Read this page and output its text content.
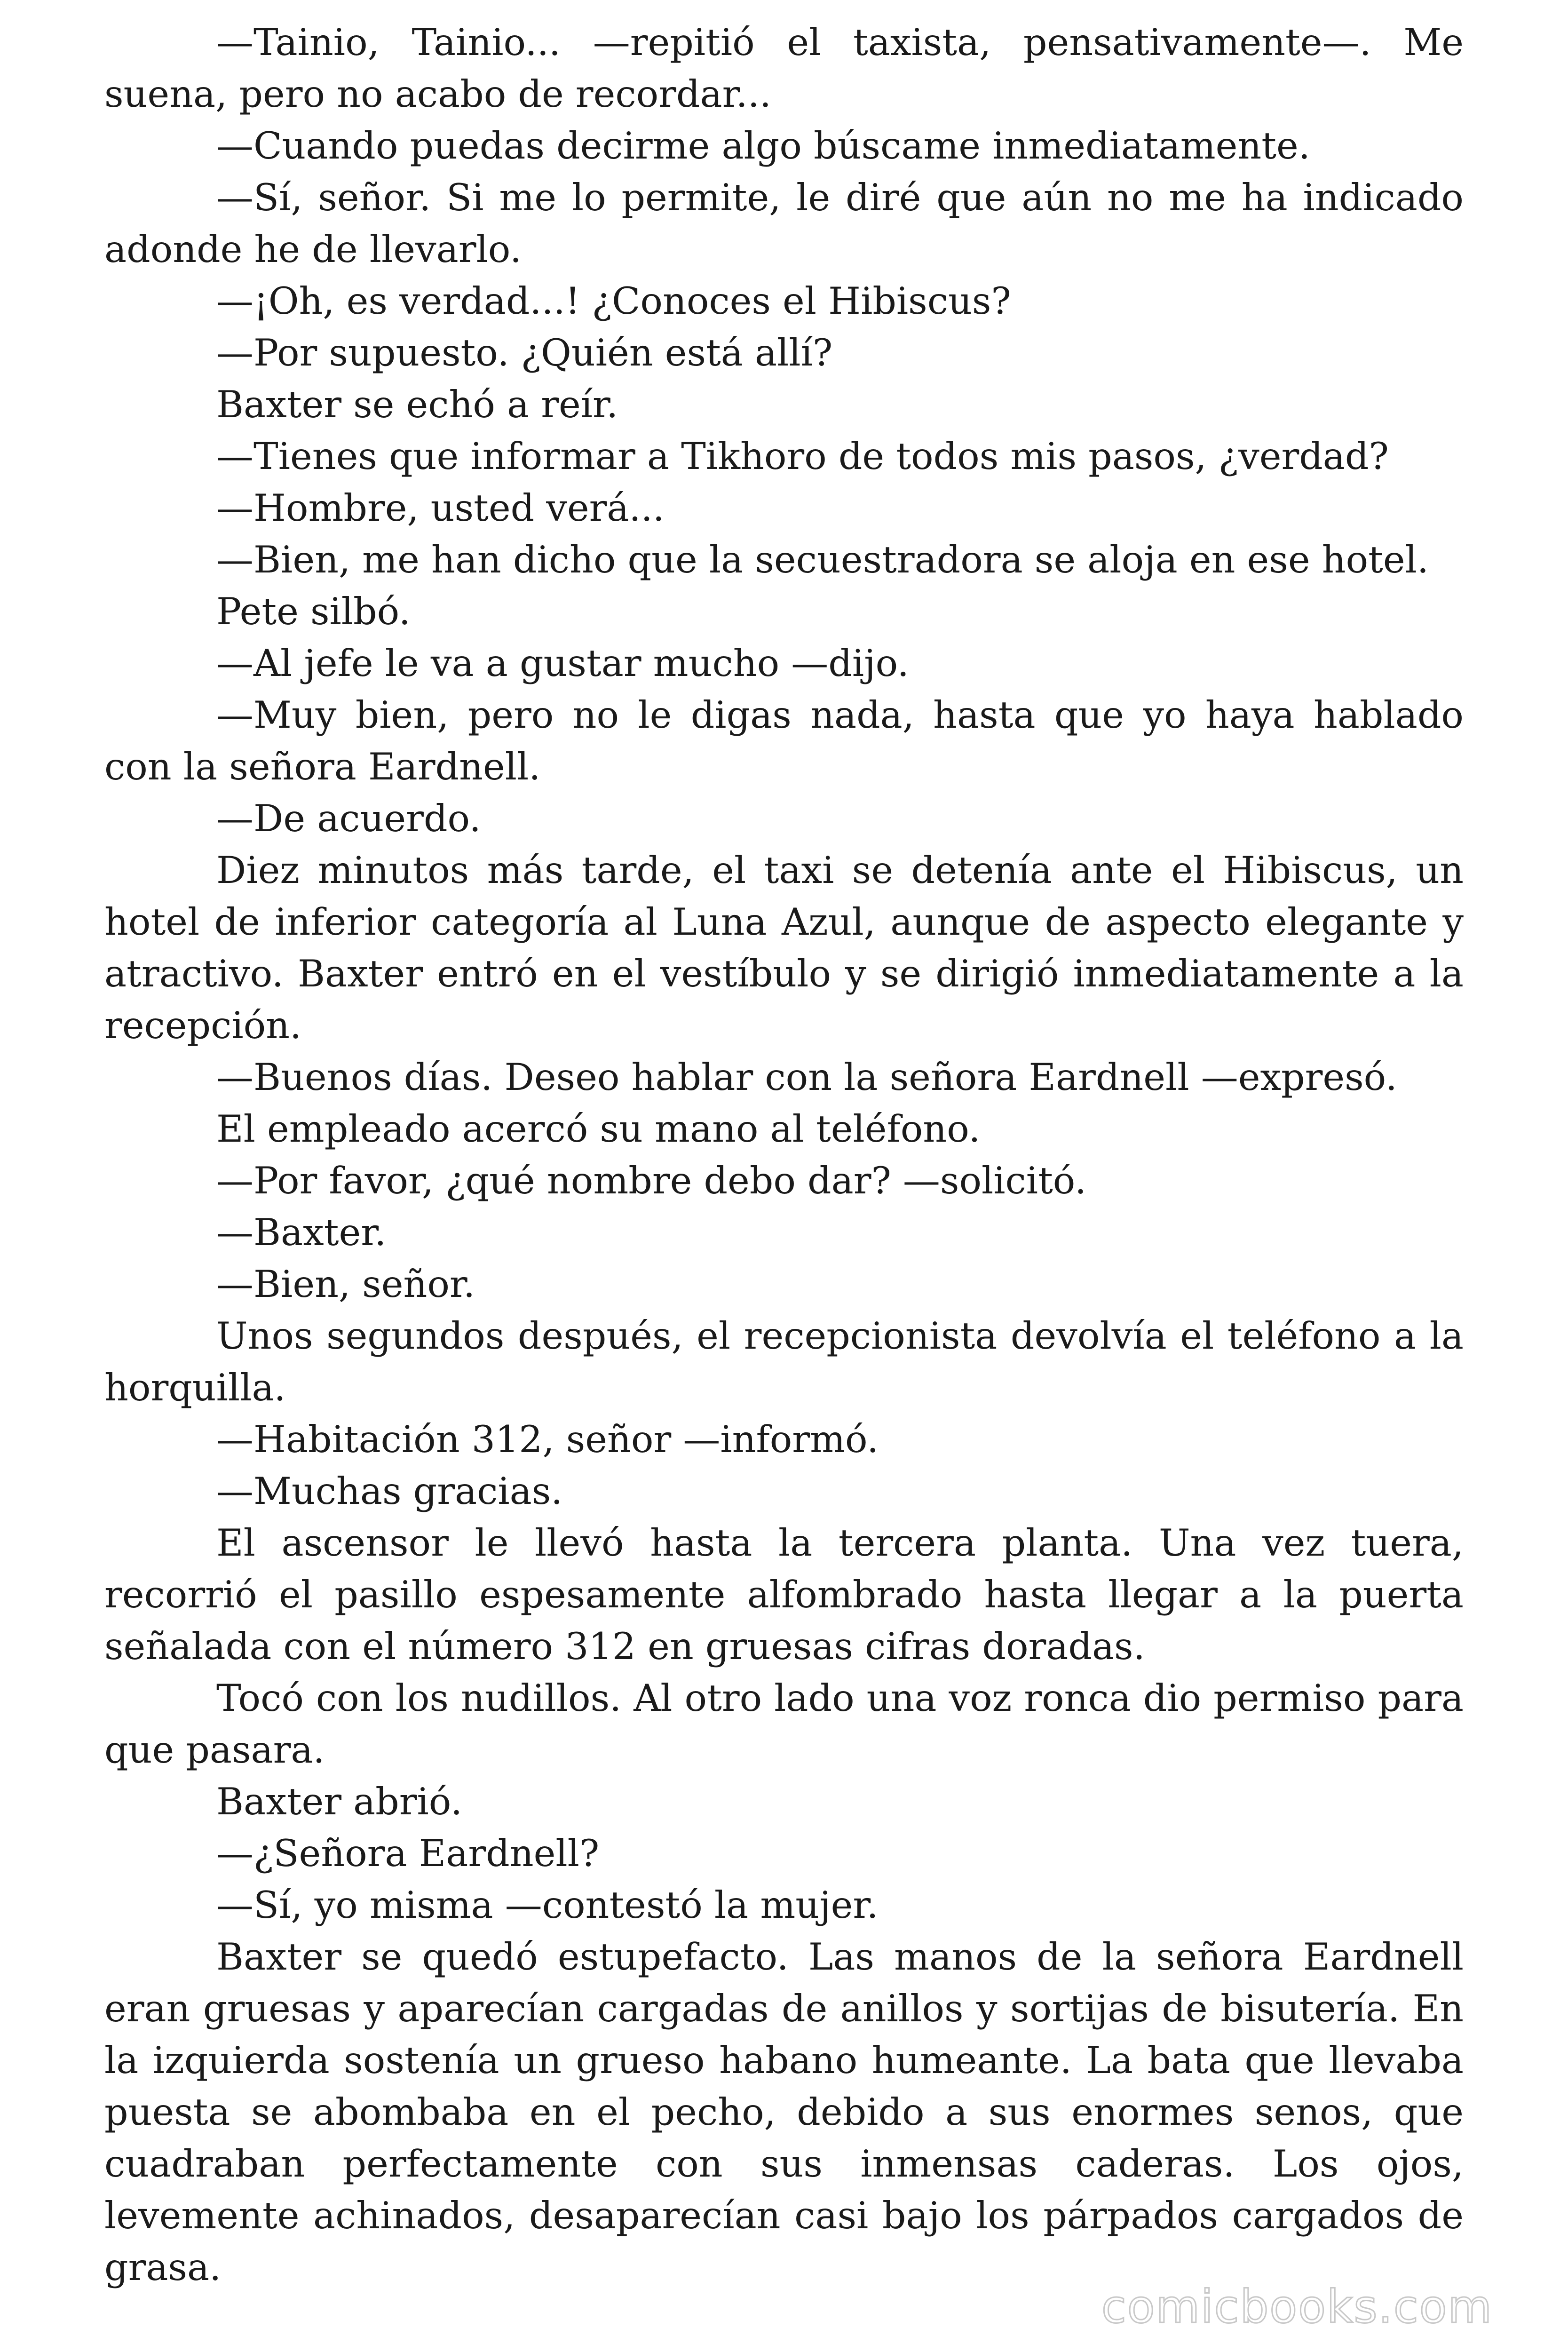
—Tainio, Tainio... —repitió el taxista, pensativamente—. Me suena, pero no acabo de recordar...

—Cuando puedas decirme algo búscame inmediatamente.

—Sí, señor. Si me lo permite, le diré que aún no me ha indicado adonde he de llevarlo.

—¡Oh, es verdad...! ¿Conoces el Hibiscus?

—Por supuesto. ¿Quién está allí?

Baxter se echó a reír.

—Tienes que informar a Tikhoro de todos mis pasos, ¿verdad?

—Hombre, usted verá...

—Bien, me han dicho que la secuestradora se aloja en ese hotel.

Pete silbó.

—Al jefe le va a gustar mucho —dijo.

—Muy bien, pero no le digas nada, hasta que yo haya hablado con la señora Eardnell.

—De acuerdo.

Diez minutos más tarde, el taxi se detenía ante el Hibiscus, un hotel de inferior categoría al Luna Azul, aunque de aspecto elegante y atractivo. Baxter entró en el vestíbulo y se dirigió inmediatamente a la recepción.

—Buenos días. Deseo hablar con la señora Eardnell —expresó.

El empleado acercó su mano al teléfono.

—Por favor, ¿qué nombre debo dar? —solicitó.

—Baxter.

—Bien, señor.

Unos segundos después, el recepcionista devolvía el teléfono a la horquilla.

—Habitación 312, señor —informó.

—Muchas gracias.

El ascensor le llevó hasta la tercera planta. Una vez tuera, recorrió el pasillo espesamente alfombrado hasta llegar a la puerta señalada con el número 312 en gruesas cifras doradas.

Tocó con los nudillos. Al otro lado una voz ronca dio permiso para que pasara.

Baxter abrió.

—¿Señora Eardnell?

—Sí, yo misma —contestó la mujer.

Baxter se quedó estupefacto. Las manos de la señora Eardnell eran gruesas y aparecían cargadas de anillos y sortijas de bisutería. En la izquierda sostenía un grueso habano humeante. La bata que llevaba puesta se abombaba en el pecho, debido a sus enormes senos, que cuadraban perfectamente con sus inmensas caderas. Los ojos, levemente achinados, desaparecían casi bajo los párpados cargados de grasa.

comicbooks.com
